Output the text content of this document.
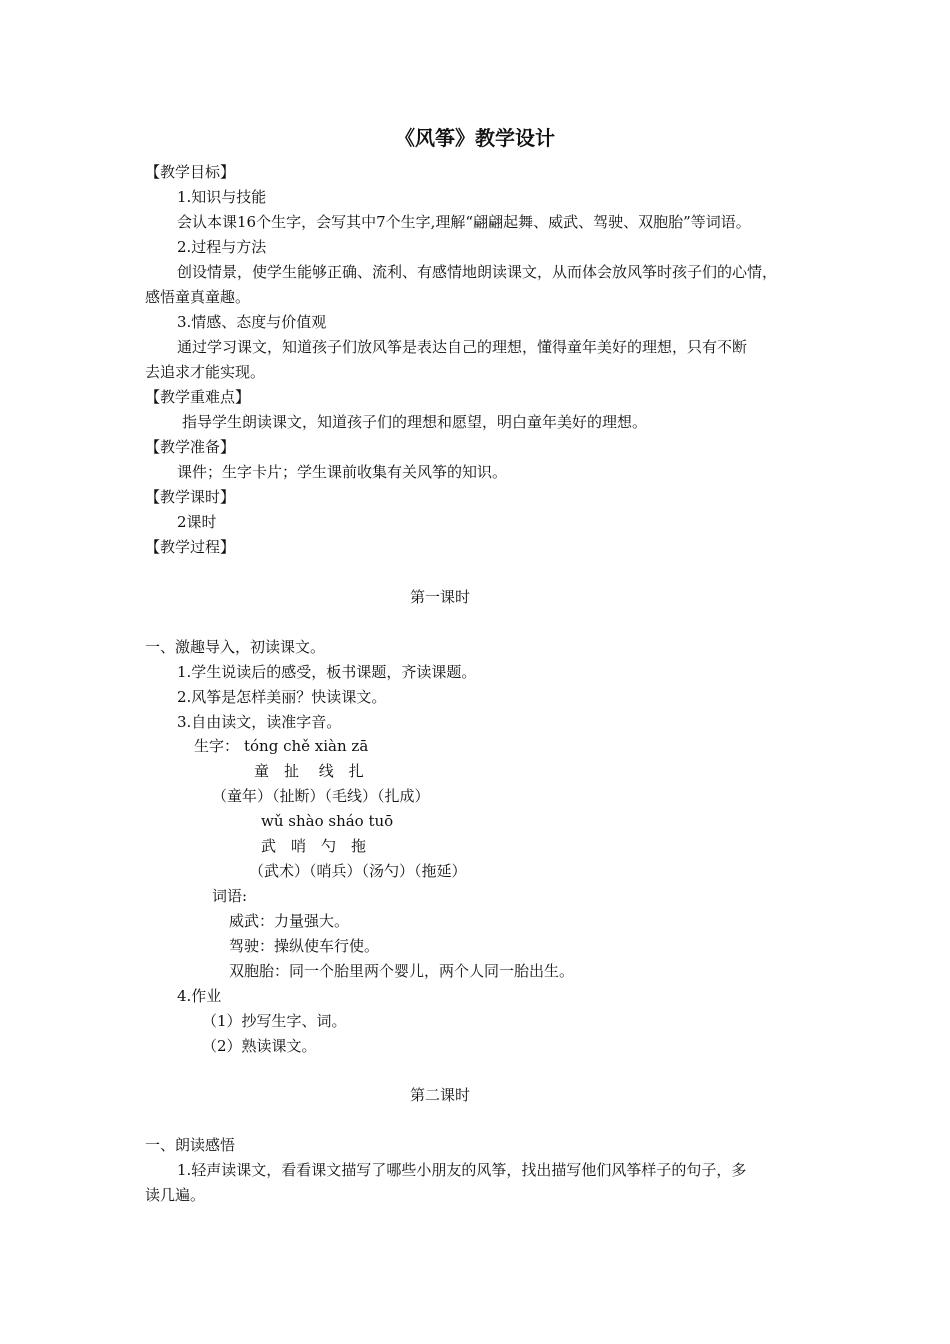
《风筝》教学设计
【教学目标】
1.知识与技能
会认本课16个生字，会写其中7个生字,理解“翩翩起舞、威武、驾驶、双胞胎”等词语。
2.过程与方法
创设情景，使学生能够正确、流利、有感情地朗读课文，从而体会放风筝时孩子们的心情，
感悟童真童趣。
3.情感、态度与价值观
通过学习课文，知道孩子们放风筝是表达自己的理想，懂得童年美好的理想，只有不断
去追求才能实现。
【教学重难点】
指导学生朗读课文，知道孩子们的理想和愿望，明白童年美好的理想。
【教学准备】
课件；生字卡片；学生课前收集有关风筝的知识。
【教学课时】
2课时
【教学过程】
第一课时
一、激趣导入，初读课文。
1.学生说读后的感受，板书课题，齐读课题。
2.风筝是怎样美丽？快读课文。
3.自由读文，读准字音。
生字： tóng chě xiàn zā
童　扯　 线　扎
（童年）（扯断）（毛线）（扎成）
wǔ shào sháo tuō
武　哨　勺　拖
（武术）（哨兵）（汤勺）（拖延）
词语:
威武：力量强大。
驾驶：操纵使车行使。
双胞胎：同一个胎里两个婴儿，两个人同一胎出生。
4.作业
（1）抄写生字、词。
（2）熟读课文。
第二课时
一、朗读感悟
1.轻声读课文，看看课文描写了哪些小朋友的风筝，找出描写他们风筝样子的句子，多
读几遍。
